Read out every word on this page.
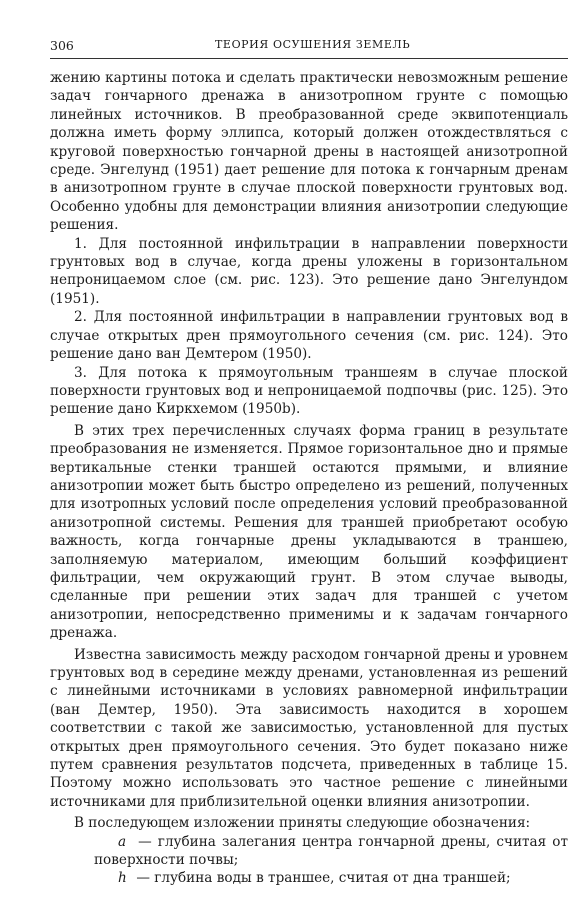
306	ТЕОРИЯ ОСУШЕНИЯ ЗЕМЕЛЬ

жению картины потока и сделать практически невозможным решение задач гончарного дренажа в анизотропном грунте с помощью линейных источников. В преобразованной среде эквипотенциаль должна иметь форму эллипса, который должен отождествляться с круговой поверхностью гончарной дрены в настоящей анизотропной среде. Энгелунд (1951) дает решение для потока к гончарным дренам в анизотропном грунте в случае плоской поверхности грунтовых вод. Особенно удобны для демонстрации влияния анизотропии следующие решения.

1. Для постоянной инфильтрации в направлении поверхности грунтовых вод в случае, когда дрены уложены в горизонтальном непроницаемом слое (см. рис. 123). Это решение дано Энгелундом (1951).

2. Для постоянной инфильтрации в направлении грунтовых вод в случае открытых дрен прямоугольного сечения (см. рис. 124). Это решение дано ван Демтером (1950).

3. Для потока к прямоугольным траншеям в случае плоской поверхности грунтовых вод и непроницаемой подпочвы (рис. 125). Это решение дано Киркхемом (1950b).

В этих трех перечисленных случаях форма границ в результате преобразования не изменяется. Прямое горизонтальное дно и прямые вертикальные стенки траншей остаются прямыми, и влияние анизотропии может быть быстро определено из решений, полученных для изотропных условий после определения условий преобразованной анизотропной системы. Решения для траншей приобретают особую важность, когда гончарные дрены укладываются в траншею, заполняемую материалом, имеющим больший коэффициент фильтрации, чем окружающий грунт. В этом случае выводы, сделанные при решении этих задач для траншей с учетом анизотропии, непосредственно применимы и к задачам гончарного дренажа.

Известна зависимость между расходом гончарной дрены и уровнем грунтовых вод в середине между дренами, установленная из решений с линейными источниками в условиях равномерной инфильтрации (ван Демтер, 1950). Эта зависимость находится в хорошем соответствии с такой же зависимостью, установленной для пустых открытых дрен прямоугольного сечения. Это будет показано ниже путем сравнения результатов подсчета, приведенных в таблице 15. Поэтому можно использовать это частное решение с линейными источниками для приблизительной оценки влияния анизотропии.

В последующем изложении приняты следующие обозначения:

a — глубина залегания центра гончарной дрены, считая от поверхности почвы;

h — глубина воды в траншее, считая от дна траншей;
